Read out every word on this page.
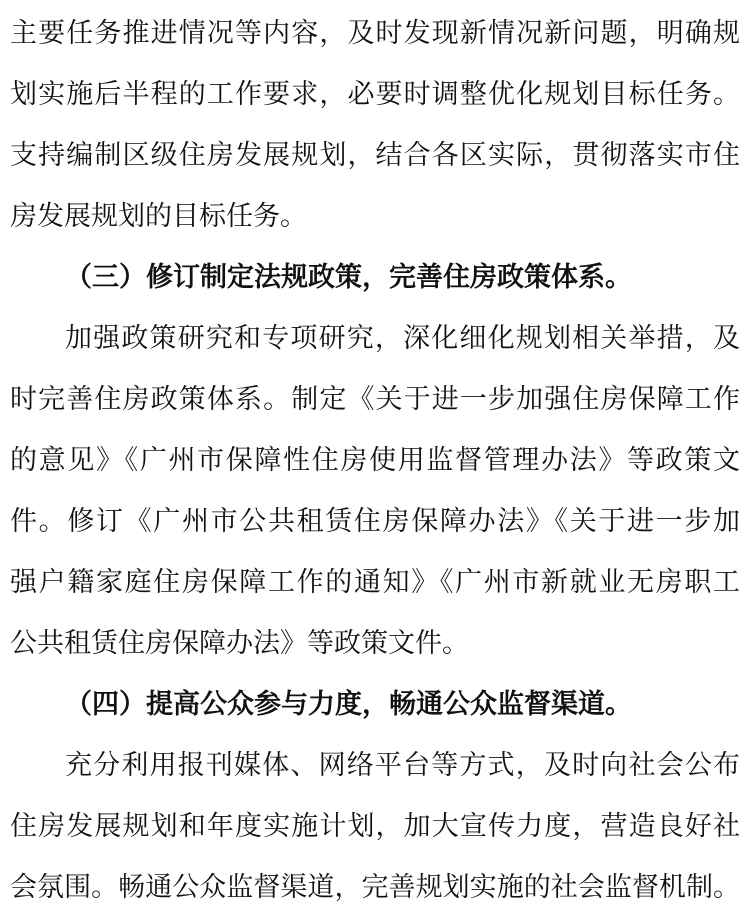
主要任务推进情况等内容，及时发现新情况新问题，明确规
划实施后半程的工作要求，必要时调整优化规划目标任务。
支持编制区级住房发展规划，结合各区实际，贯彻落实市住
房发展规划的目标任务。
（三）修订制定法规政策，完善住房政策体系。
加强政策研究和专项研究，深化细化规划相关举措，及
时完善住房政策体系。制定《关于进一步加强住房保障工作
的意见》《广州市保障性住房使用监督管理办法》等政策文
件。修订《广州市公共租赁住房保障办法》《关于进一步加
强户籍家庭住房保障工作的通知》《广州市新就业无房职工
公共租赁住房保障办法》等政策文件。
（四）提高公众参与力度，畅通公众监督渠道。
充分利用报刊媒体、网络平台等方式，及时向社会公布
住房发展规划和年度实施计划，加大宣传力度，营造良好社
会氛围。畅通公众监督渠道，完善规划实施的社会监督机制。
